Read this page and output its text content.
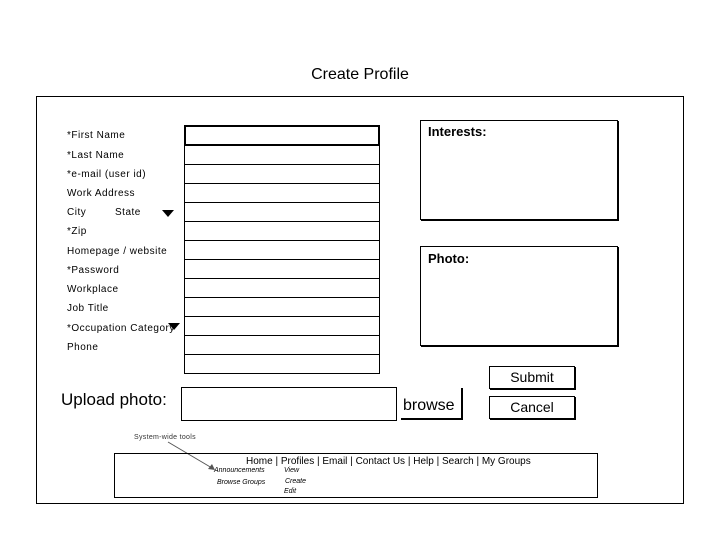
Create Profile
*First Name
*Last Name
*e-mail (user id)
Work Address
City	State
*Zip
Homepage / website
*Password
Workplace
Job Title
*Occupation Category
Phone
Interests:
Photo:
Submit
Cancel
Upload photo:	browse
System-wide tools
Home | Profiles | Email | Contact Us | Help | Search | My Groups
Announcements
Browse Groups
View
Create
Edit
